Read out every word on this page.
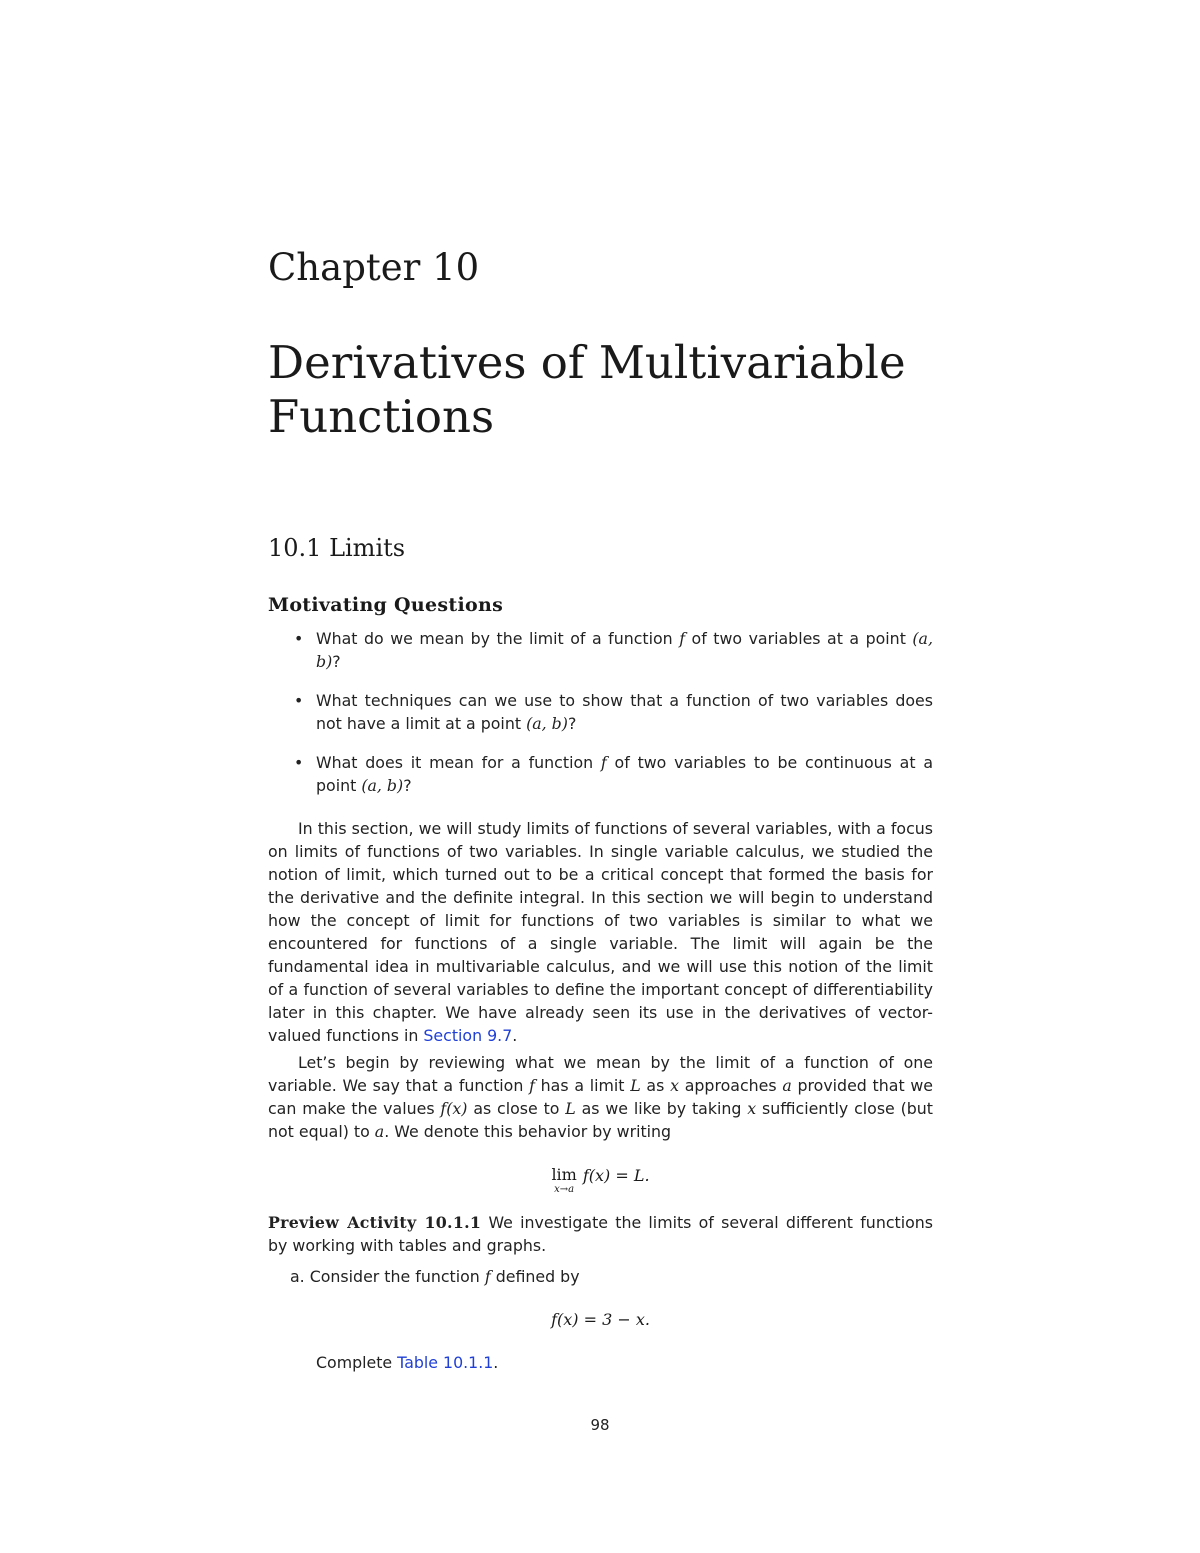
Chapter 10
Derivatives of Multivariable
Functions
10.1 Limits
Motivating Questions
• What do we mean by the limit of a function f of two variables at a point (a, b)?
• What techniques can we use to show that a function of two variables does not have a limit at a point (a, b)?
• What does it mean for a function f of two variables to be continuous at a point (a, b)?

In this section, we will study limits of functions of several variables, with a focus on limits of functions of two variables. In single variable calculus, we studied the notion of limit, which turned out to be a critical concept that formed the basis for the derivative and the definite integral. In this section we will begin to understand how the concept of limit for functions of two variables is similar to what we encountered for functions of a single variable. The limit will again be the fundamental idea in multivariable calculus, and we will use this notion of the limit of a function of several variables to define the important concept of differentiability later in this chapter. We have already seen its use in the derivatives of vector-valued functions in Section 9.7.

Let’s begin by reviewing what we mean by the limit of a function of one variable. We say that a function f has a limit L as x approaches a provided that we can make the values f(x) as close to L as we like by taking x sufficiently close (but not equal) to a. We denote this behavior by writing

lim
x→a
f(x) = L.

Preview Activity 10.1.1 We investigate the limits of several different functions by working with tables and graphs.

a. Consider the function f defined by

f(x) = 3 − x.

Complete Table 10.1.1.

98
